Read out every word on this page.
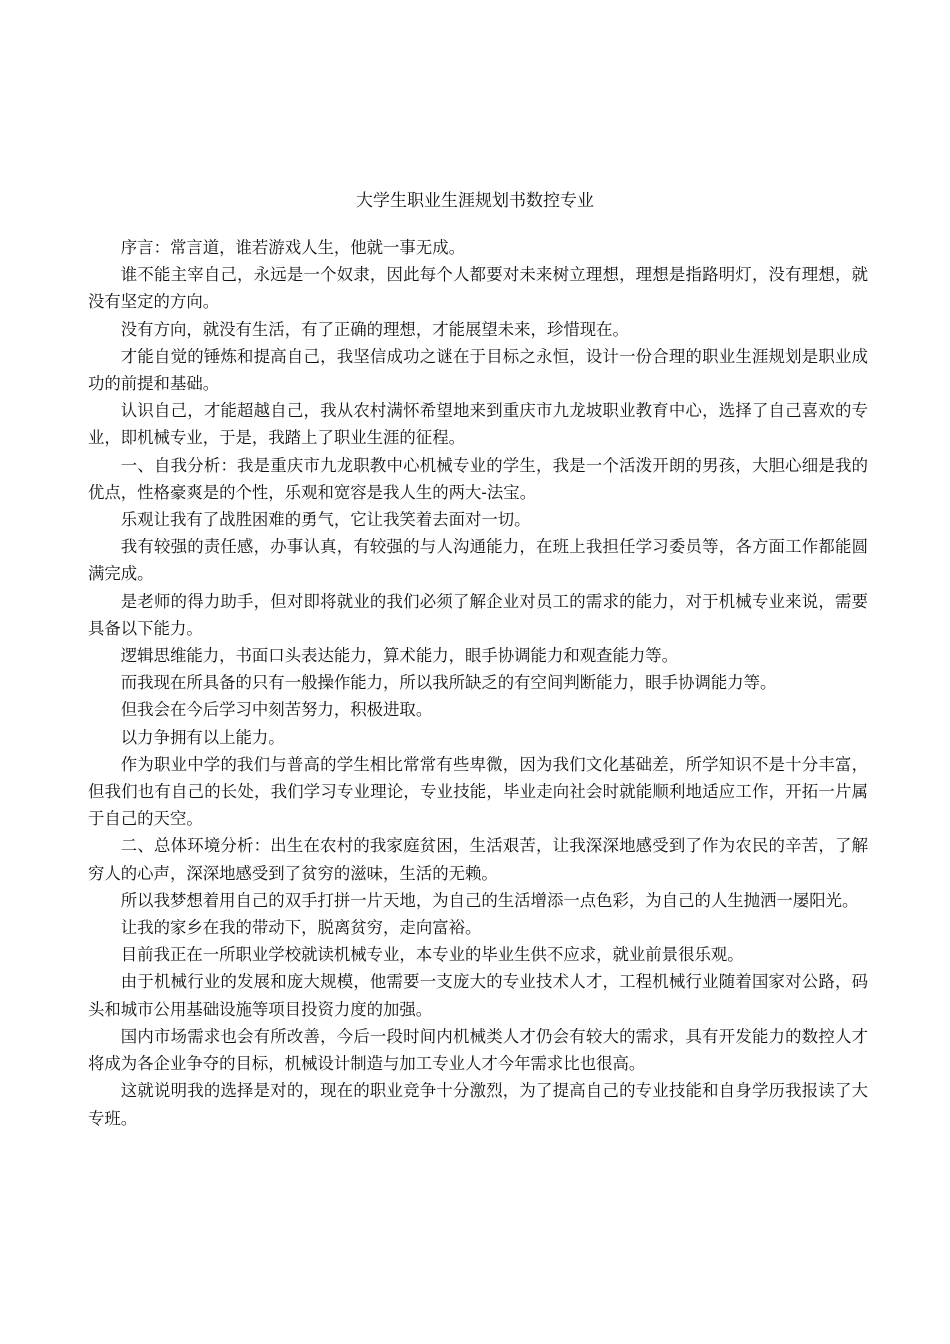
大学生职业生涯规划书数控专业

序言：常言道，谁若游戏人生，他就一事无成。

谁不能主宰自己，永远是一个奴隶，因此每个人都要对未来树立理想，理想是指路明灯，没有理想，就没有坚定的方向。

没有方向，就没有生活，有了正确的理想，才能展望未来，珍惜现在。

才能自觉的锤炼和提高自己，我坚信成功之谜在于目标之永恒，设计一份合理的职业生涯规划是职业成功的前提和基础。

认识自己，才能超越自己，我从农村满怀希望地来到重庆市九龙坡职业教育中心，选择了自己喜欢的专业，即机械专业，于是，我踏上了职业生涯的征程。

一、自我分析：我是重庆市九龙职教中心机械专业的学生，我是一个活泼开朗的男孩，大胆心细是我的优点，性格豪爽是的个性，乐观和宽容是我人生的两大-法宝。

乐观让我有了战胜困难的勇气，它让我笑着去面对一切。

我有较强的责任感，办事认真，有较强的与人沟通能力，在班上我担任学习委员等，各方面工作都能圆满完成。

是老师的得力助手，但对即将就业的我们必须了解企业对员工的需求的能力，对于机械专业来说，需要具备以下能力。

逻辑思维能力，书面口头表达能力，算术能力，眼手协调能力和观查能力等。

而我现在所具备的只有一般操作能力，所以我所缺乏的有空间判断能力，眼手协调能力等。

但我会在今后学习中刻苦努力，积极进取。

以力争拥有以上能力。

作为职业中学的我们与普高的学生相比常常有些卑微，因为我们文化基础差，所学知识不是十分丰富，但我们也有自己的长处，我们学习专业理论，专业技能，毕业走向社会时就能顺利地适应工作，开拓一片属于自己的天空。

二、总体环境分析：出生在农村的我家庭贫困，生活艰苦，让我深深地感受到了作为农民的辛苦，了解穷人的心声，深深地感受到了贫穷的滋味，生活的无赖。

所以我梦想着用自己的双手打拼一片天地，为自己的生活增添一点色彩，为自己的人生抛洒一屡阳光。

让我的家乡在我的带动下，脱离贫穷，走向富裕。

目前我正在一所职业学校就读机械专业，本专业的毕业生供不应求，就业前景很乐观。

由于机械行业的发展和庞大规模，他需要一支庞大的专业技术人才，工程机械行业随着国家对公路，码头和城市公用基础设施等项目投资力度的加强。

国内市场需求也会有所改善，今后一段时间内机械类人才仍会有较大的需求，具有开发能力的数控人才将成为各企业争夺的目标，机械设计制造与加工专业人才今年需求比也很高。

这就说明我的选择是对的，现在的职业竞争十分激烈，为了提高自己的专业技能和自身学历我报读了大专班。
